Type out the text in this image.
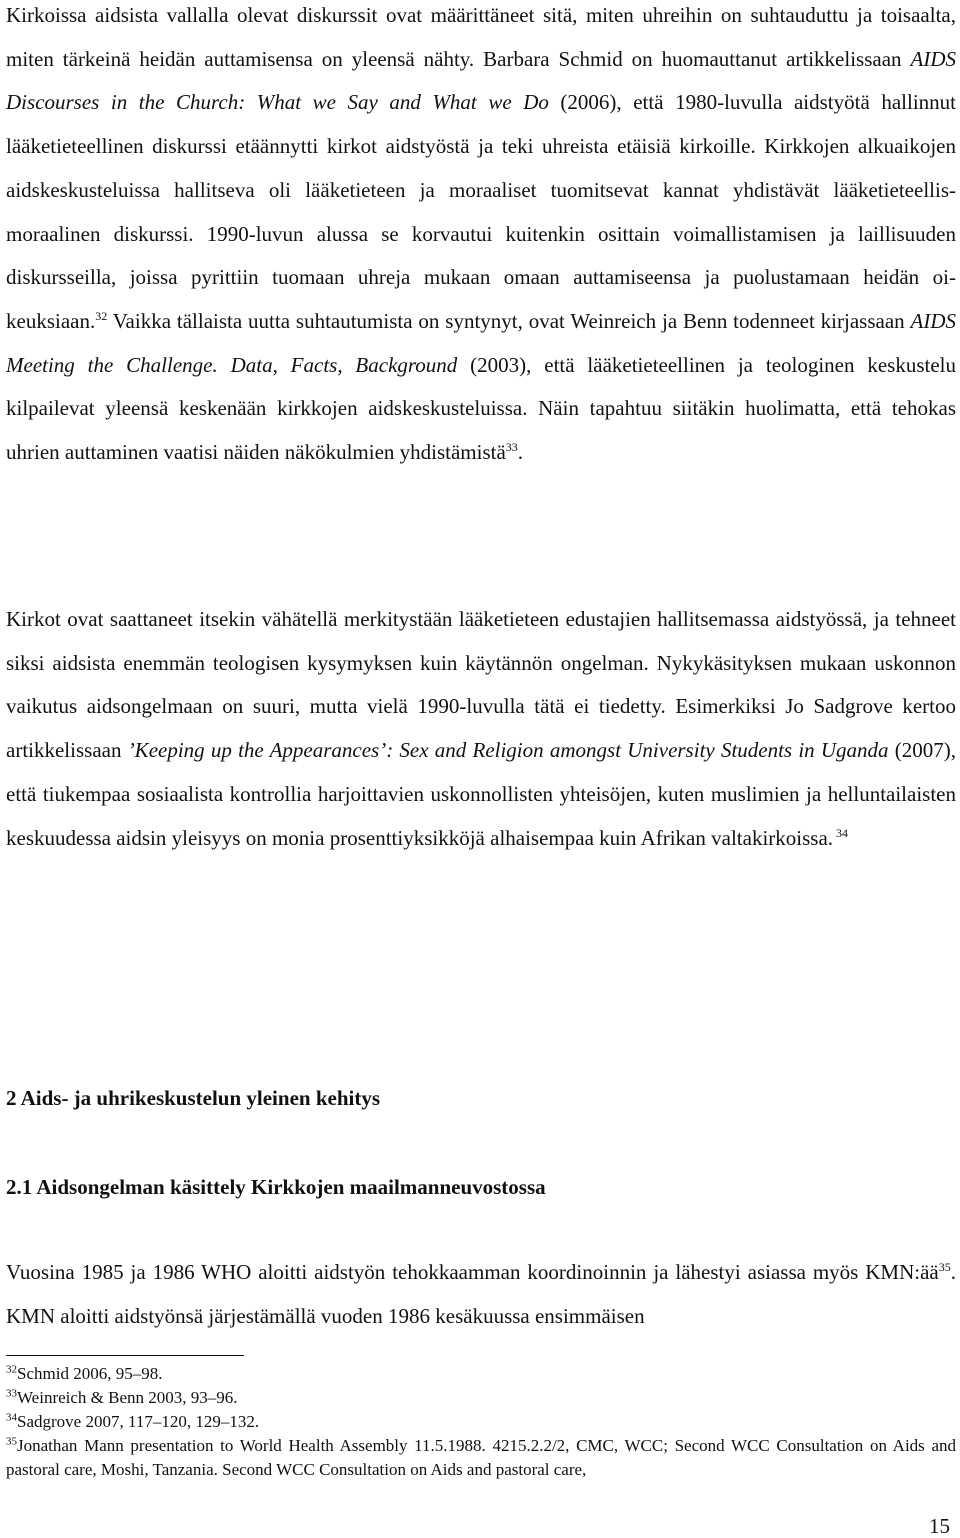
Kirkoissa aidsista vallalla olevat diskurssit ovat määrittäneet sitä, miten uhreihin on suhtauduttu ja toisaalta, miten tärkeinä heidän auttamisensa on yleensä nähty. Barbara Schmid on huomauttanut artikkelissaan AIDS Discourses in the Church: What we Say and What we Do (2006), että 1980-luvulla aidstyötä hallinnut lääketieteellinen diskurssi etäännytti kirkot aidstyöstä ja teki uhreista etäisiä kirkoille. Kirkkojen alkuaikojen aidskeskusteluissa hallitseva oli lääketieteen ja moraaliset tuomitsevat kannat yhdistävät lääketieteellis-moraalinen diskurssi. 1990-luvun alussa se korvautui kuitenkin osittain voimallistamisen ja laillisuuden diskursseilla, joissa pyrittiin tuomaan uhreja mukaan omaan auttamiseensa ja puolustamaan heidän oikeuksiaan.$^{32}$ Vaikka tällaista uutta suhtautumista on syntynyt, ovat Weinreich ja Benn todenneet kirjassaan AIDS Meeting the Challenge. Data, Facts, Background (2003), että lääketieteellinen ja teologinen keskustelu kilpailevat yleensä keskenään kirkkojen aidskeskusteluissa. Näin tapahtuu siitäkin huolimatta, että tehokas uhrien auttaminen vaatisi näiden näkökulmien yhdistämistä$^{33}$.

Kirkot ovat saattaneet itsekin vähätellä merkitystään lääketieteen edustajien hallitsemassa aidstyössä, ja tehneet siksi aidsista enemmän teologisen kysymyksen kuin käytännön ongelman. Nykykäsityksen mukaan uskonnon vaikutus aidsongelmaan on suuri, mutta vielä 1990-luvulla tätä ei tiedetty. Esimerkiksi Jo Sadgrove kertoo artikkelissaan ’Keeping up the Appearances’: Sex and Religion amongst University Students in Uganda (2007), että tiukempaa sosiaalista kontrollia harjoittavien uskonnollisten yhteisöjen, kuten muslimien ja helluntailaisten keskuudessa aidsin yleisyys on monia prosenttiyksikköjä alhaisempaa kuin Afrikan valtakirkoissa. $^{34}$

2 Aids- ja uhrikeskustelun yleinen kehitys
2.1 Aidsongelman käsittely Kirkkojen maailmanneuvostossa

Vuosina 1985 ja 1986 WHO aloitti aidstyön tehokkaamman koordinoinnin ja lähestyi asiassa myös $KMN:ää^{35}$. KMN aloitti aidstyönsä järjestämällä vuoden 1986 kesäkuussa ensimmäisen

$^{32}$Schmid 2006, 95–98.

$^{33}$Weinreich & Benn 2003, 93–96.

$^{34}$Sadgrove 2007, 117–120, 129–132.

$^{35}$Jonathan Mann presentation to World Health Assembly 11.5.1988. 4215.2.2/2, CMC, WCC; Second WCC Consultation on Aids and pastoral care, Moshi, Tanzania. Second WCC Consultation on Aids and pastoral care,

15
